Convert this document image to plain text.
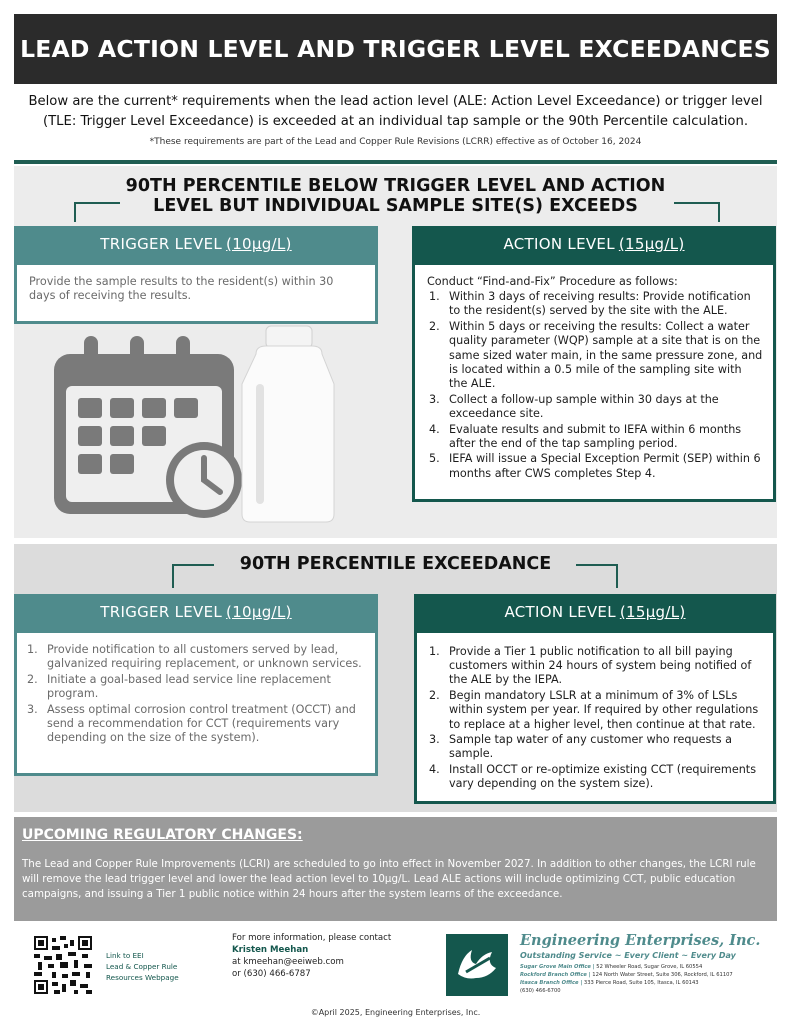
LEAD ACTION LEVEL AND TRIGGER LEVEL EXCEEDANCES
Below are the current* requirements when the lead action level (ALE: Action Level Exceedance) or trigger level (TLE: Trigger Level Exceedance) is exceeded at an individual tap sample or the 90th Percentile calculation.
*These requirements are part of the Lead and Copper Rule Revisions (LCRR) effective as of October 16, 2024
90TH PERCENTILE BELOW TRIGGER LEVEL AND ACTION
LEVEL BUT INDIVIDUAL SAMPLE SITE(S) EXCEEDS
TRIGGER LEVEL (10μg/L)
Provide the sample results to the resident(s) within 30 days of receiving the results.
ACTION LEVEL (15μg/L)
Conduct “Find-and-Fix” Procedure as follows:
Within 3 days of receiving results: Provide notification to the resident(s) served by the site with the ALE.
Within 5 days or receiving the results: Collect a water quality parameter (WQP) sample at a site that is on the same sized water main, in the same pressure zone, and is located within a 0.5 mile of the sampling site with the ALE.
Collect a follow-up sample within 30 days at the exceedance site.
Evaluate results and submit to IEFA within 6 months after the end of the tap sampling period.
IEFA will issue a Special Exception Permit (SEP) within 6 months after CWS completes Step 4.
90TH PERCENTILE EXCEEDANCE
TRIGGER LEVEL (10μg/L)
Provide notification to all customers served by lead, galvanized requiring replacement, or unknown services.
Initiate a goal-based lead service line replacement program.
Assess optimal corrosion control treatment (OCCT) and send a recommendation for CCT (requirements vary depending on the size of the system).
ACTION LEVEL (15μg/L)
Provide a Tier 1 public notification to all bill paying customers within 24 hours of system being notified of the ALE by the IEPA.
Begin mandatory LSLR at a minimum of 3% of LSLs within system per year. If required by other regulations to replace at a higher level, then continue at that rate.
Sample tap water of any customer who requests a sample.
Install OCCT or re-optimize existing CCT (requirements vary depending on the system size).
UPCOMING REGULATORY CHANGES:
The Lead and Copper Rule Improvements (LCRI) are scheduled to go into effect in November 2027. In addition to other changes, the LCRI rule will remove the lead trigger level and lower the lead action level to 10μg/L. Lead ALE actions will include optimizing CCT, public education campaigns, and issuing a Tier 1 public notice within 24 hours after the system learns of the exceedance.
Link to EEI
Lead & Copper Rule
Resources Webpage
For more information, please contact
Kristen Meehan
at kmeehan@eeiweb.com
or (630) 466-6787
Engineering Enterprises, Inc.
Outstanding Service ~ Every Client ~ Every Day
Sugar Grove Main Office | 52 Wheeler Road, Sugar Grove, IL 60554
Rockford Branch Office | 124 North Water Street, Suite 306, Rockford, IL 61107
Itasca Branch Office | 333 Pierce Road, Suite 105, Itasca, IL 60143
(630) 466-6700
©April 2025, Engineering Enterprises, Inc.
